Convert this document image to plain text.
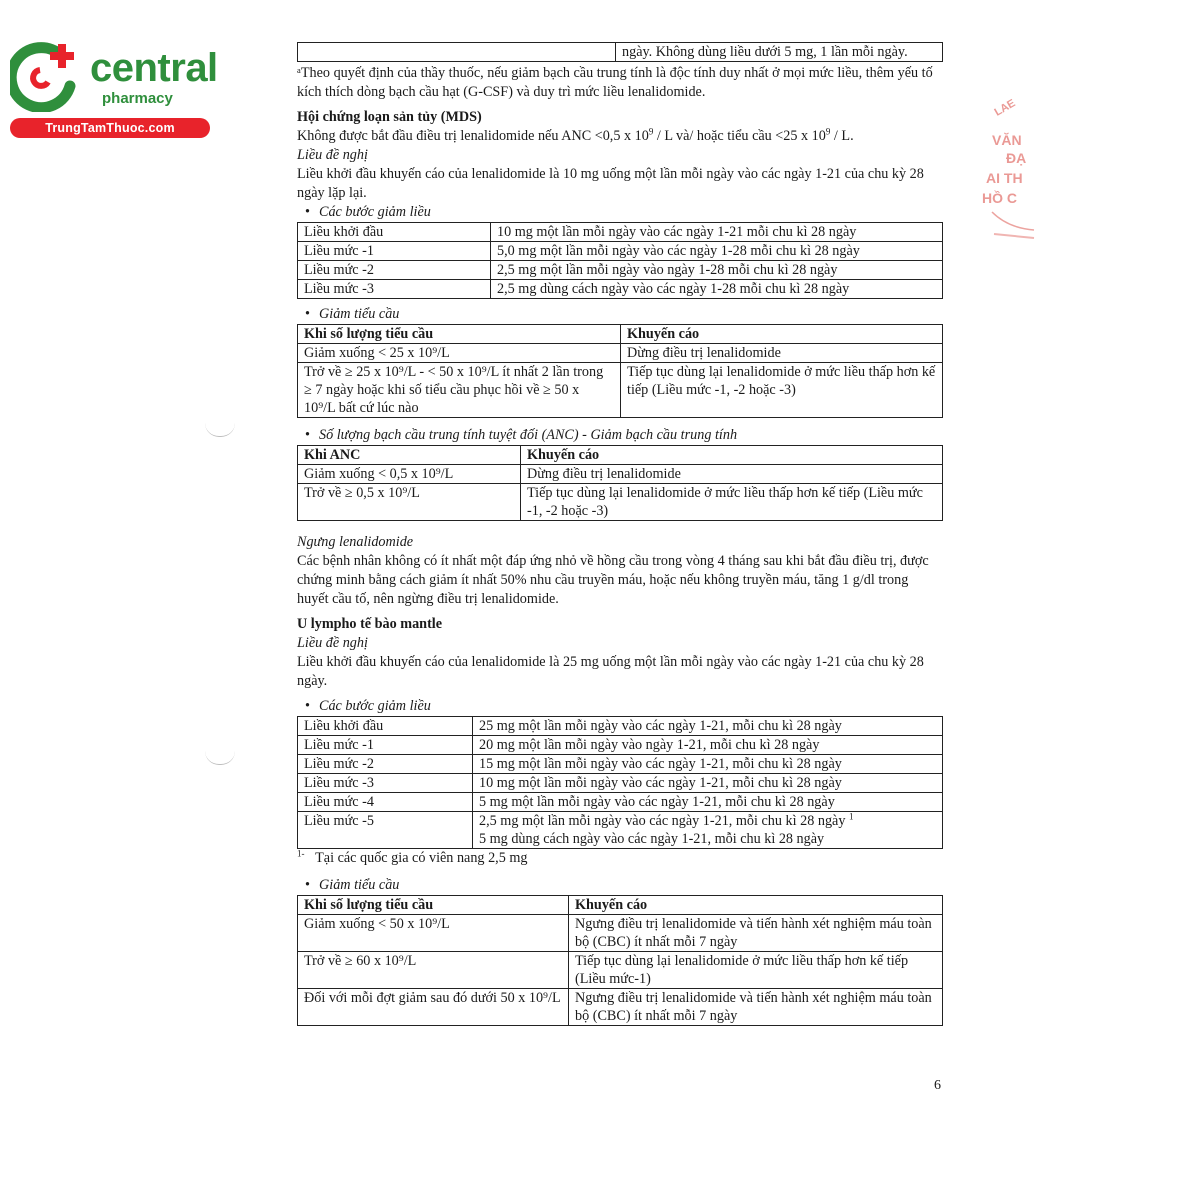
central
pharmacy
TrungTamThuoc.com
LAE
VĂN
ĐẠ
AI TH
HỒ C
	ngày. Không dùng liều dưới 5 mg, 1 lần mỗi ngày.

ᵃTheo quyết định của thầy thuốc, nếu giảm bạch cầu trung tính là độc tính duy nhất ở mọi mức liều, thêm yếu tố kích thích dòng bạch cầu hạt (G-CSF) và duy trì mức liều lenalidomide.

Hội chứng loạn sản tủy (MDS)

Không được bắt đầu điều trị lenalidomide nếu ANC <0,5 x $10^9$ / L và/ hoặc tiểu cầu <25 x $10^9$ / L.

Liều đề nghị

Liều khởi đầu khuyến cáo của lenalidomide là 10 mg uống một lần mỗi ngày vào các ngày 1-21 của chu kỳ 28 ngày lặp lại.

• Các bước giảm liều

Liều khởi đầu	10 mg một lần mỗi ngày vào các ngày 1-21 mỗi chu kì 28 ngày
Liều mức -1	5,0 mg một lần mỗi ngày vào các ngày 1-28 mỗi chu kì 28 ngày
Liều mức -2	2,5 mg một lần mỗi ngày vào ngày 1-28 mỗi chu kì 28 ngày
Liều mức -3	2,5 mg dùng cách ngày vào các ngày 1-28 mỗi chu kì 28 ngày

• Giảm tiểu cầu

Khi số lượng tiểu cầu	Khuyến cáo
Giảm xuống < 25 x 10⁹/L	Dừng điều trị lenalidomide
Trở về ≥ 25 x 10⁹/L - < 50 x 10⁹/L ít nhất 2 lần trong ≥ 7 ngày hoặc khi số tiểu cầu phục hồi về ≥ 50 x 10⁹/L bất cứ lúc nào	Tiếp tục dùng lại lenalidomide ở mức liều thấp hơn kế tiếp (Liều mức -1, -2 hoặc -3)

• Số lượng bạch cầu trung tính tuyệt đối (ANC) - Giảm bạch cầu trung tính

Khi ANC	Khuyến cáo
Giảm xuống < 0,5 x 10⁹/L	Dừng điều trị lenalidomide
Trở về ≥ 0,5 x 10⁹/L	Tiếp tục dùng lại lenalidomide ở mức liều thấp hơn kế tiếp (Liều mức -1, -2 hoặc -3)

Ngưng lenalidomide

Các bệnh nhân không có ít nhất một đáp ứng nhỏ về hồng cầu trong vòng 4 tháng sau khi bắt đầu điều trị, được chứng minh bằng cách giảm ít nhất 50% nhu cầu truyền máu, hoặc nếu không truyền máu, tăng 1 g/dl trong huyết cầu tố, nên ngừng điều trị lenalidomide.

U lympho tế bào mantle

Liều đề nghị

Liều khởi đầu khuyến cáo của lenalidomide là 25 mg uống một lần mỗi ngày vào các ngày 1-21 của chu kỳ 28 ngày.

• Các bước giảm liều

Liều khởi đầu	25 mg một lần mỗi ngày vào các ngày 1-21, mỗi chu kì 28 ngày
Liều mức -1	20 mg một lần mỗi ngày vào ngày 1-21, mỗi chu kì 28 ngày
Liều mức -2	15 mg một lần mỗi ngày vào các ngày 1-21, mỗi chu kì 28 ngày
Liều mức -3	10 mg một lần mỗi ngày vào các ngày 1-21, mỗi chu kì 28 ngày
Liều mức -4	5 mg một lần mỗi ngày vào các ngày 1-21, mỗi chu kì 28 ngày
Liều mức -5	2,5 mg một lần mỗi ngày vào các ngày 1-21, mỗi chu kì 28 ngày $^1$
5 mg dùng cách ngày vào các ngày 1-21, mỗi chu kì 28 ngày

$^{1-}$ Tại các quốc gia có viên nang 2,5 mg

• Giảm tiểu cầu

Khi số lượng tiểu cầu	Khuyến cáo
Giảm xuống < 50 x 10⁹/L	Ngưng điều trị lenalidomide và tiến hành xét nghiệm máu toàn bộ (CBC) ít nhất mỗi 7 ngày
Trở về ≥ 60 x 10⁹/L	Tiếp tục dùng lại lenalidomide ở mức liều thấp hơn kế tiếp (Liều mức-1)
Đối với mỗi đợt giảm sau đó dưới 50 x 10⁹/L	Ngưng điều trị lenalidomide và tiến hành xét nghiệm máu toàn bộ (CBC) ít nhất mỗi 7 ngày
6
